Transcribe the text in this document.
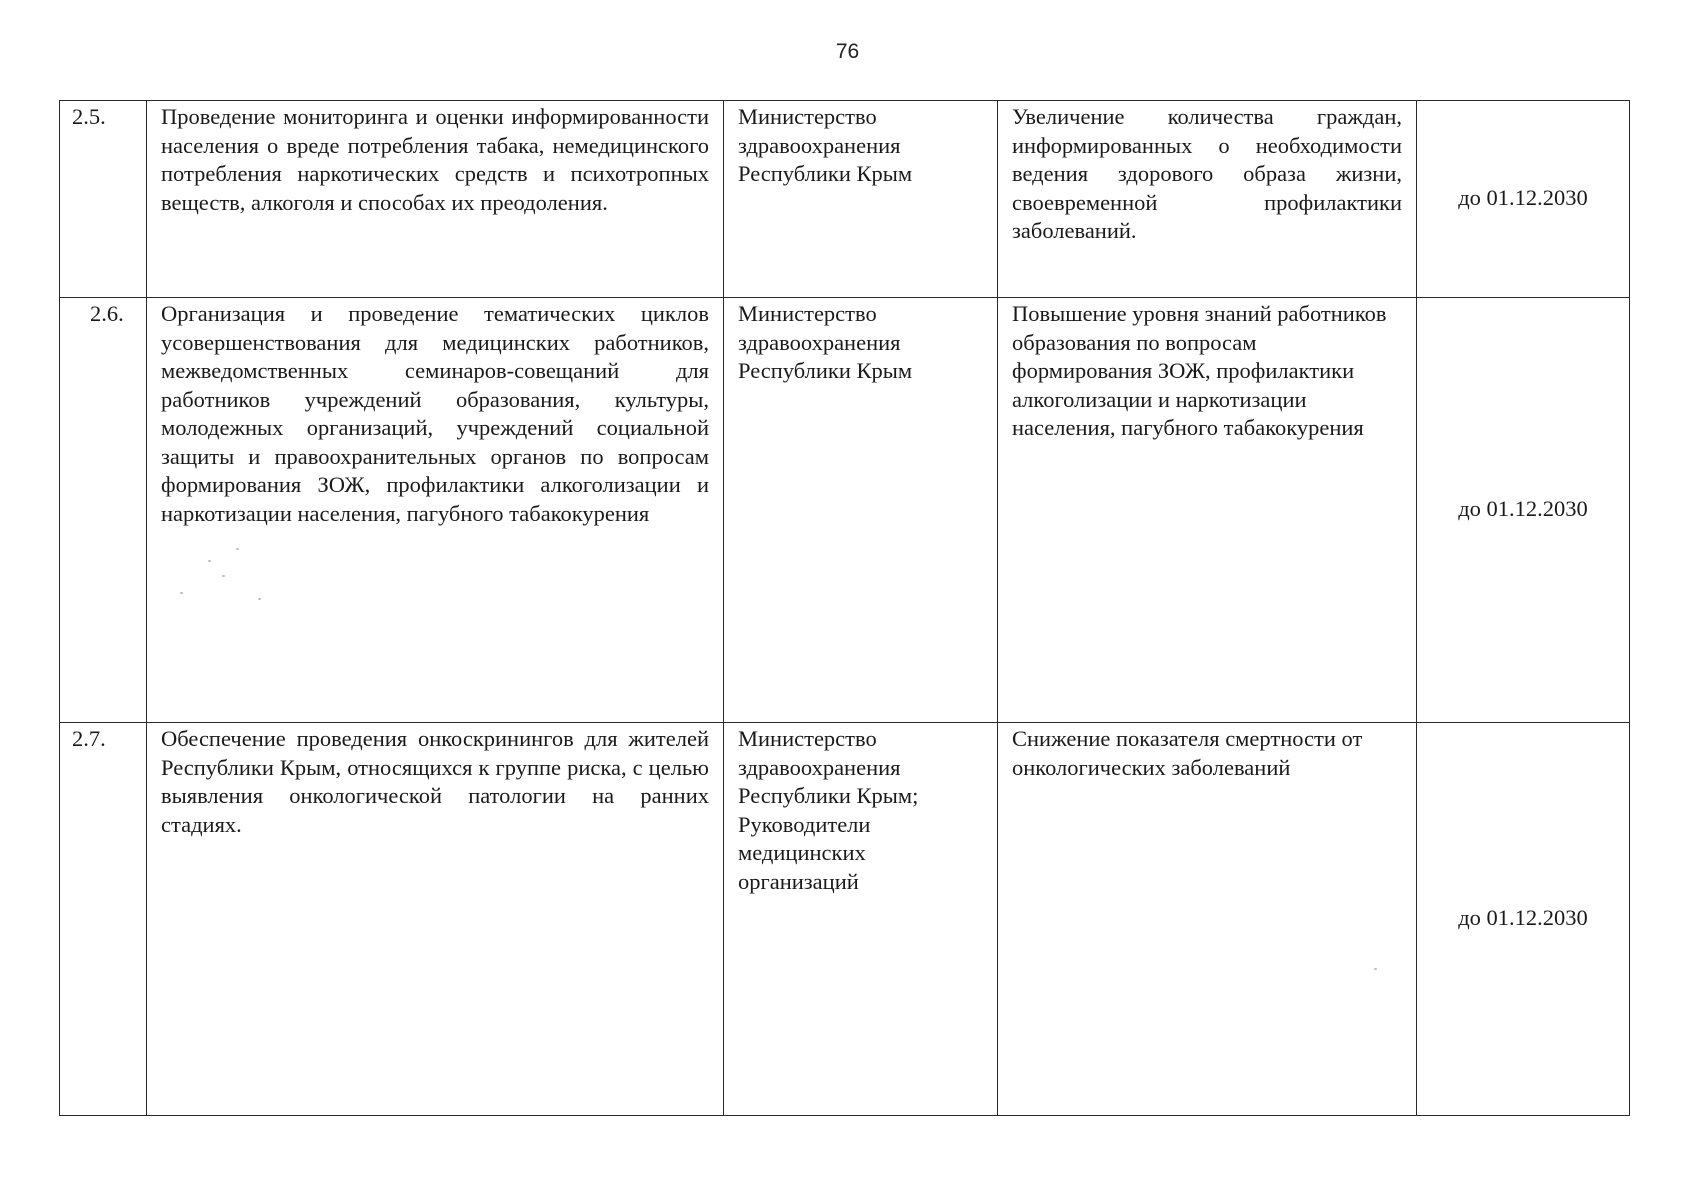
76
2.5.	Проведение мониторинга и оценки информированности населения о вреде потребления табака, немедицинского потребления наркотических средств и психотропных веществ, алкоголя и способах их преодоления.	Министерство здравоохранения Республики Крым	Увеличение количества граждан, информированных о необходимости ведения здорового образа жизни, своевременной профилактики заболеваний.	до 01.12.2030
2.6.	Организация и проведение тематических циклов усовершенствования для медицинских работников, межведомственных семинаров-совещаний для работников учреждений образования, культуры, молодежных организаций, учреждений социальной защиты и правоохранительных органов по вопросам формирования ЗОЖ, профилактики алкоголизации и наркотизации населения, пагубного табакокурения	Министерство здравоохранения Республики Крым	Повышение уровня знаний работников образования по вопросам формирования ЗОЖ, профилактики алкоголизации и наркотизации населения, пагубного табакокурения	до 01.12.2030
2.7.	Обеспечение проведения онкоскринингов для жителей Республики Крым, относящихся к группе риска, с целью выявления онкологической патологии на ранних стадиях.	Министерство здравоохранения Республики Крым; Руководители медицинских организаций	Снижение показателя смертности от онкологических заболеваний	до 01.12.2030
